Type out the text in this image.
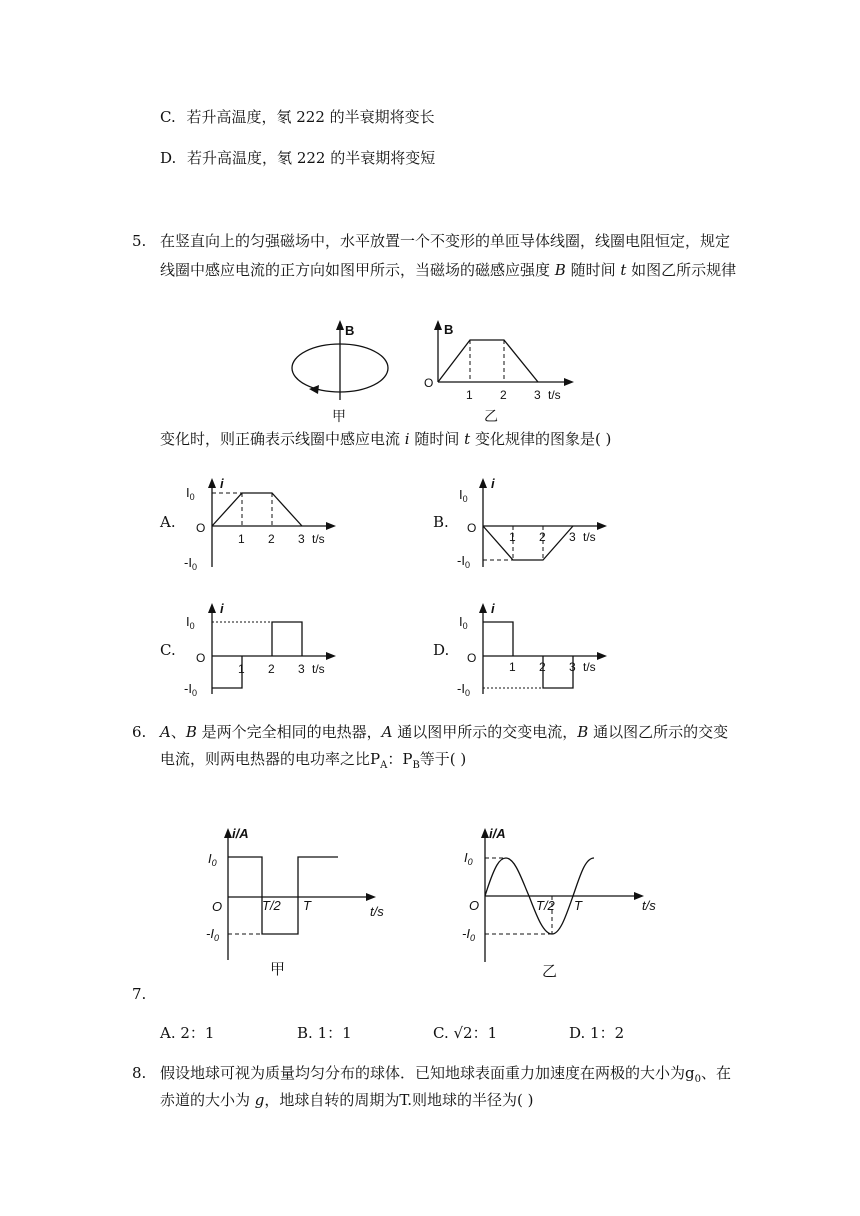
C. 若升高温度，氡 222 的半衰期将变长
D. 若升高温度，氡 222 的半衰期将变短
5. 在竖直向上的匀强磁场中，水平放置一个不变形的单匝导体线圈，线圈电阻恒定，规定
线圈中感应电流的正方向如图甲所示，当磁场的磁感应强度 B 随时间 t 如图乙所示规律
B
甲
B
O
1 2 3 t/s
乙
变化时，则正确表示线圈中感应电流 i 随时间 t 变化规律的图象是( )
A.
i
$I_0$
O
$-I_0$
1 2 3 t/s
B.
i
$I_0$
O
$-I_0$
1 2 3 t/s
C.
i
$I_0$
O
$-I_0$
1 2 3 t/s
D.
i
$I_0$
O
$-I_0$
1 2 3 t/s
6. A、B 是两个完全相同的电热器，A 通以图甲所示的交变电流，B 通以图乙所示的交变
电流，则两电热器的电功率之比$P_A$：$P_B$等于( )
i/A
$I_0$
O
$-I_0$
T/2 T	t/s
甲
i/A
$I_0$
O
$-I_0$
T/2 T	t/s
乙
7.
A. 2：1	B. 1：1	C. √2：1	D. 1：2
8. 假设地球可视为质量均匀分布的球体．已知地球表面重力加速度在两极的大小为$g_0$、在
赤道的大小为 g，地球自转的周期为T.则地球的半径为( )
